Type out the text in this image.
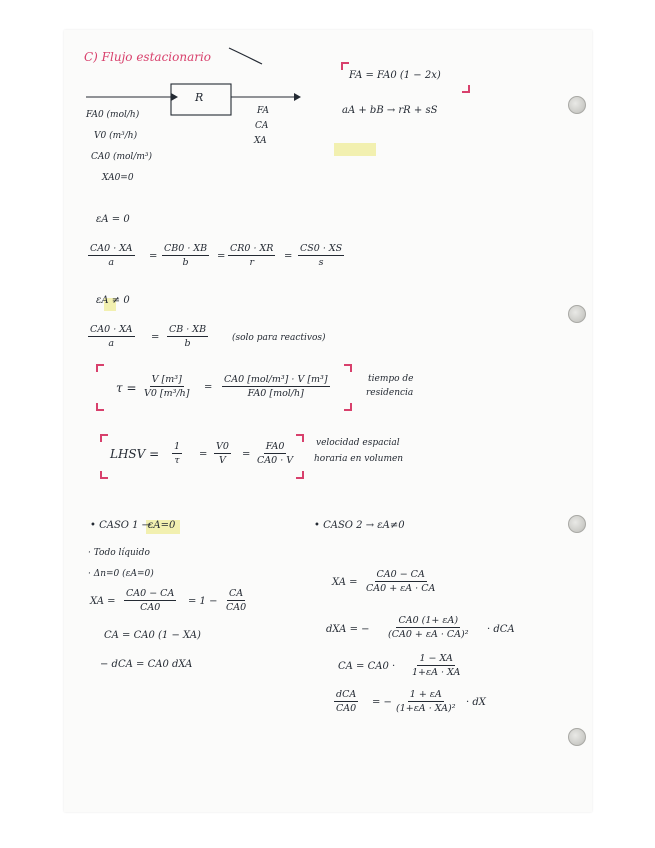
C) Flujo estacionario
R
FA0 (mol/h)
V0 (m³/h)
CA0 (mol/m³)
XA0=0
FA
CA
XA
FA = FA0 (1 − 2x)
aA + bB → rR + sS
εA = 0
$\frac{CA0 \cdot XA}{a} = \frac{CB0 \cdot XB}{b} = \frac{CR0 \cdot XR}{r} = \frac{CS0 \cdot XS}{s}$
εA ≠ 0
$\frac{CA0 \cdot XA}{a} = \frac{CB \cdot XB}{b}$	(solo para reactivos)
$\tau = \frac{\text{V [m³]}}{\text{V0 [m³/h]}}$ =
CA0 [mol/m³] · V [m³]
FA0 [mol/h]
tiempo de
residencia
LHSV = $\frac{1}{\tau} = \frac{V0}{V} = \frac{FA0}{CA0 \cdot V}$ velocidad espacial
horaria en volumen
• CASO 1 →
εA=0
· Todo líquido
· Δn=0 (εA=0)
XA = $\frac{CA0 - CA}{CA0} = 1 - \frac{CA}{CA0}$
CA = CA0 (1 − XA)
− dCA = CA0 dXA
• CASO 2 → εA≠0
XA = $\frac{CA0 - CA}{CA0 + \varepsilon A \cdot CA}$
dXA = − $\frac{CA0 (1+ \varepsilon A)}{\text{(CA0 + εA · CA)²}}$ · dCA
CA = $CA0 \cdot \frac{1 - XA}{1+\varepsilon A \cdot XA}$
dCA
CA0
= − $\frac{1 + \varepsilon A}{\text{(1+εA · XA)²}}$ · dX
